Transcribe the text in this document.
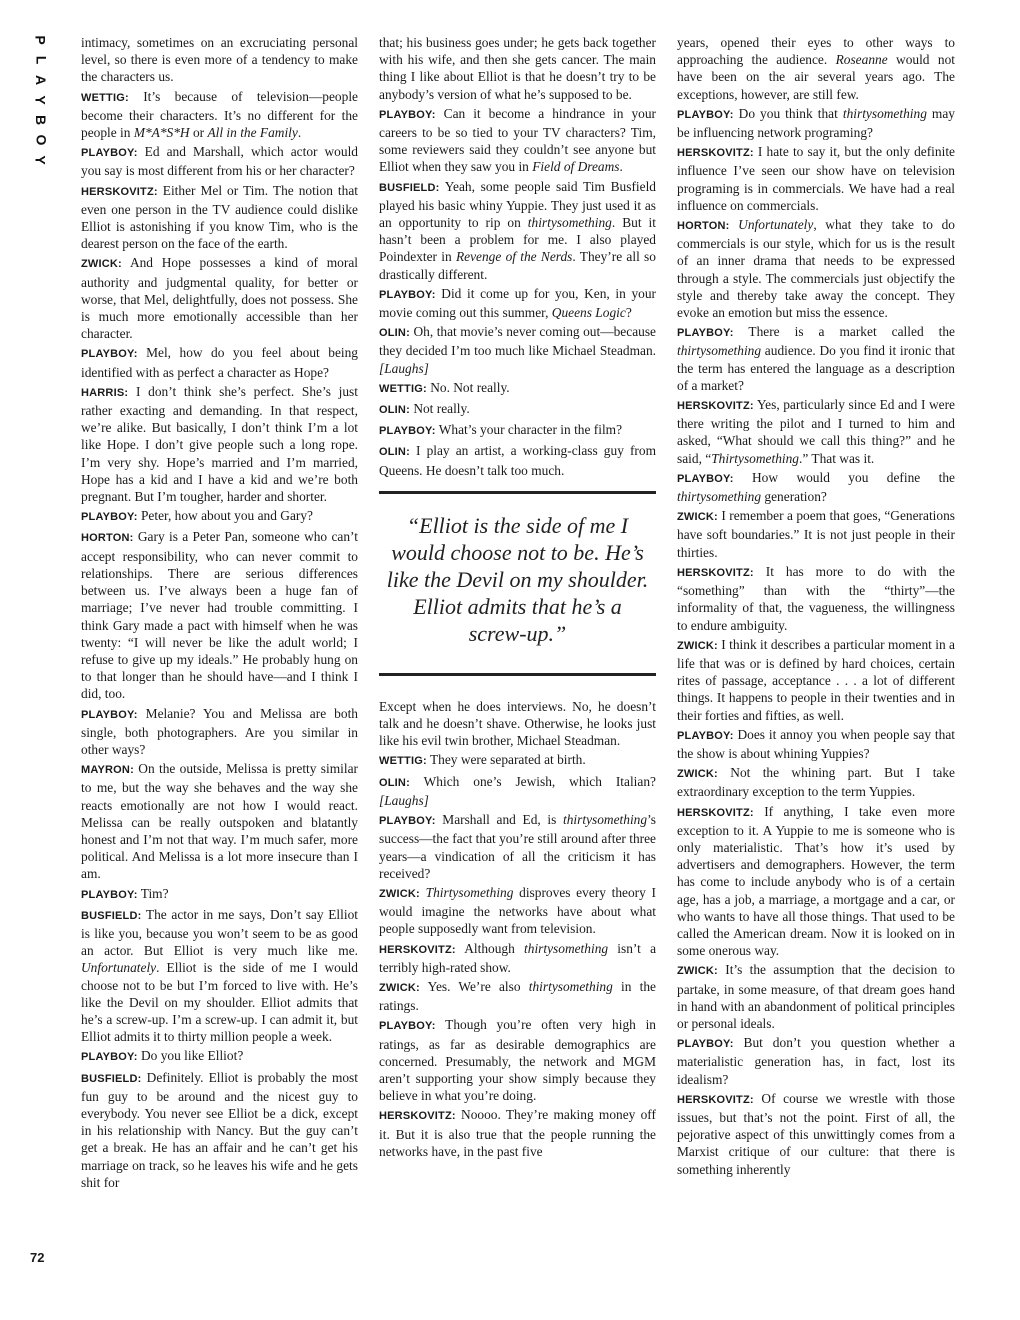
P
L
A
Y
B
O
Y
72

intimacy, sometimes on an excruciating personal level, so there is even more of a tendency to make the characters us.

WETTIG: It’s because of television—people become their characters. It’s no different for the people in M*A*S*H or All in the Family.

PLAYBOY: Ed and Marshall, which actor would you say is most different from his or her character?

HERSKOVITZ: Either Mel or Tim. The notion that even one person in the TV audience could dislike Elliot is astonishing if you know Tim, who is the dearest person on the face of the earth.

ZWICK: And Hope possesses a kind of moral authority and judgmental quality, for better or worse, that Mel, delightfully, does not possess. She is much more emotionally accessible than her character.

PLAYBOY: Mel, how do you feel about being identified with as perfect a character as Hope?

HARRIS: I don’t think she’s perfect. She’s just rather exacting and demanding. In that respect, we’re alike. But basically, I don’t think I’m a lot like Hope. I don’t give people such a long rope. I’m very shy. Hope’s married and I’m married, Hope has a kid and I have a kid and we’re both pregnant. But I’m tougher, harder and shorter.

PLAYBOY: Peter, how about you and Gary?

HORTON: Gary is a Peter Pan, someone who can’t accept responsibility, who can never commit to relationships. There are serious differences between us. I’ve always been a huge fan of marriage; I’ve never had trouble committing. I think Gary made a pact with himself when he was twenty: “I will never be like the adult world; I refuse to give up my ideals.” He probably hung on to that longer than he should have—and I think I did, too.

PLAYBOY: Melanie? You and Melissa are both single, both photographers. Are you similar in other ways?

MAYRON: On the outside, Melissa is pretty similar to me, but the way she behaves and the way she reacts emotionally are not how I would react. Melissa can be really outspoken and blatantly honest and I’m not that way. I’m much safer, more political. And Melissa is a lot more insecure than I am.

PLAYBOY: Tim?

BUSFIELD: The actor in me says, Don’t say Elliot is like you, because you won’t seem to be as good an actor. But Elliot is very much like me. Unfortunately. Elliot is the side of me I would choose not to be but I’m forced to live with. He’s like the Devil on my shoulder. Elliot admits that he’s a screw-up. I’m a screw-up. I can admit it, but Elliot admits it to thirty million people a week.

PLAYBOY: Do you like Elliot?

BUSFIELD: Definitely. Elliot is probably the most fun guy to be around and the nicest guy to everybody. You never see Elliot be a dick, except in his relationship with Nancy. But the guy can’t get a break. He has an affair and he can’t get his marriage on track, so he leaves his wife and he gets shit for

that; his business goes under; he gets back together with his wife, and then she gets cancer. The main thing I like about Elliot is that he doesn’t try to be anybody’s version of what he’s supposed to be.

PLAYBOY: Can it become a hindrance in your careers to be so tied to your TV characters? Tim, some reviewers said they couldn’t see anyone but Elliot when they saw you in Field of Dreams.

BUSFIELD: Yeah, some people said Tim Busfield played his basic whiny Yuppie. They just used it as an opportunity to rip on thirtysomething. But it hasn’t been a problem for me. I also played Poindexter in Revenge of the Nerds. They’re all so drastically different.

PLAYBOY: Did it come up for you, Ken, in your movie coming out this summer, Queens Logic?

OLIN: Oh, that movie’s never coming out—because they decided I’m too much like Michael Steadman. [Laughs]

WETTIG: No. Not really.

OLIN: Not really.

PLAYBOY: What’s your character in the film?

OLIN: I play an artist, a working-class guy from Queens. He doesn’t talk too much.

“Elliot is the side of me I would choose not to be. He’s like the Devil on my shoulder. Elliot admits that he’s a screw-up.”

Except when he does interviews. No, he doesn’t talk and he doesn’t shave. Otherwise, he looks just like his evil twin brother, Michael Steadman.

WETTIG: They were separated at birth.

OLIN: Which one’s Jewish, which Italian? [Laughs]

PLAYBOY: Marshall and Ed, is thirtysomething’s success—the fact that you’re still around after three years—a vindication of all the criticism it has received?

ZWICK: Thirtysomething disproves every theory I would imagine the networks have about what people supposedly want from television.

HERSKOVITZ: Although thirtysomething isn’t a terribly high-rated show.

ZWICK: Yes. We’re also thirtysomething in the ratings.

PLAYBOY: Though you’re often very high in ratings, as far as desirable demographics are concerned. Presumably, the network and MGM aren’t supporting your show simply because they believe in what you’re doing.

HERSKOVITZ: Noooo. They’re making money off it. But it is also true that the people running the networks have, in the past five

years, opened their eyes to other ways to approaching the audience. Roseanne would not have been on the air several years ago. The exceptions, however, are still few.

PLAYBOY: Do you think that thirtysomething may be influencing network programing?

HERSKOVITZ: I hate to say it, but the only definite influence I’ve seen our show have on television programing is in commercials. We have had a real influence on commercials.

HORTON: Unfortunately, what they take to do commercials is our style, which for us is the result of an inner drama that needs to be expressed through a style. The commercials just objectify the style and thereby take away the concept. They evoke an emotion but miss the essence.

PLAYBOY: There is a market called the thirtysomething audience. Do you find it ironic that the term has entered the language as a description of a market?

HERSKOVITZ: Yes, particularly since Ed and I were there writing the pilot and I turned to him and asked, “What should we call this thing?” and he said, “Thirtysomething.” That was it.

PLAYBOY: How would you define the thirtysomething generation?

ZWICK: I remember a poem that goes, “Generations have soft boundaries.” It is not just people in their thirties.

HERSKOVITZ: It has more to do with the “something” than with the “thirty”—the informality of that, the vagueness, the willingness to endure ambiguity.

ZWICK: I think it describes a particular moment in a life that was or is defined by hard choices, certain rites of passage, acceptance . . . a lot of different things. It happens to people in their twenties and in their forties and fifties, as well.

PLAYBOY: Does it annoy you when people say that the show is about whining Yuppies?

ZWICK: Not the whining part. But I take extraordinary exception to the term Yuppies.

HERSKOVITZ: If anything, I take even more exception to it. A Yuppie to me is someone who is only materialistic. That’s how it’s used by advertisers and demographers. However, the term has come to include anybody who is of a certain age, has a job, a marriage, a mortgage and a car, or who wants to have all those things. That used to be called the American dream. Now it is looked on in some onerous way.

ZWICK: It’s the assumption that the decision to partake, in some measure, of that dream goes hand in hand with an abandonment of political principles or personal ideals.

PLAYBOY: But don’t you question whether a materialistic generation has, in fact, lost its idealism?

HERSKOVITZ: Of course we wrestle with those issues, but that’s not the point. First of all, the pejorative aspect of this unwittingly comes from a Marxist critique of our culture: that there is something inherently
